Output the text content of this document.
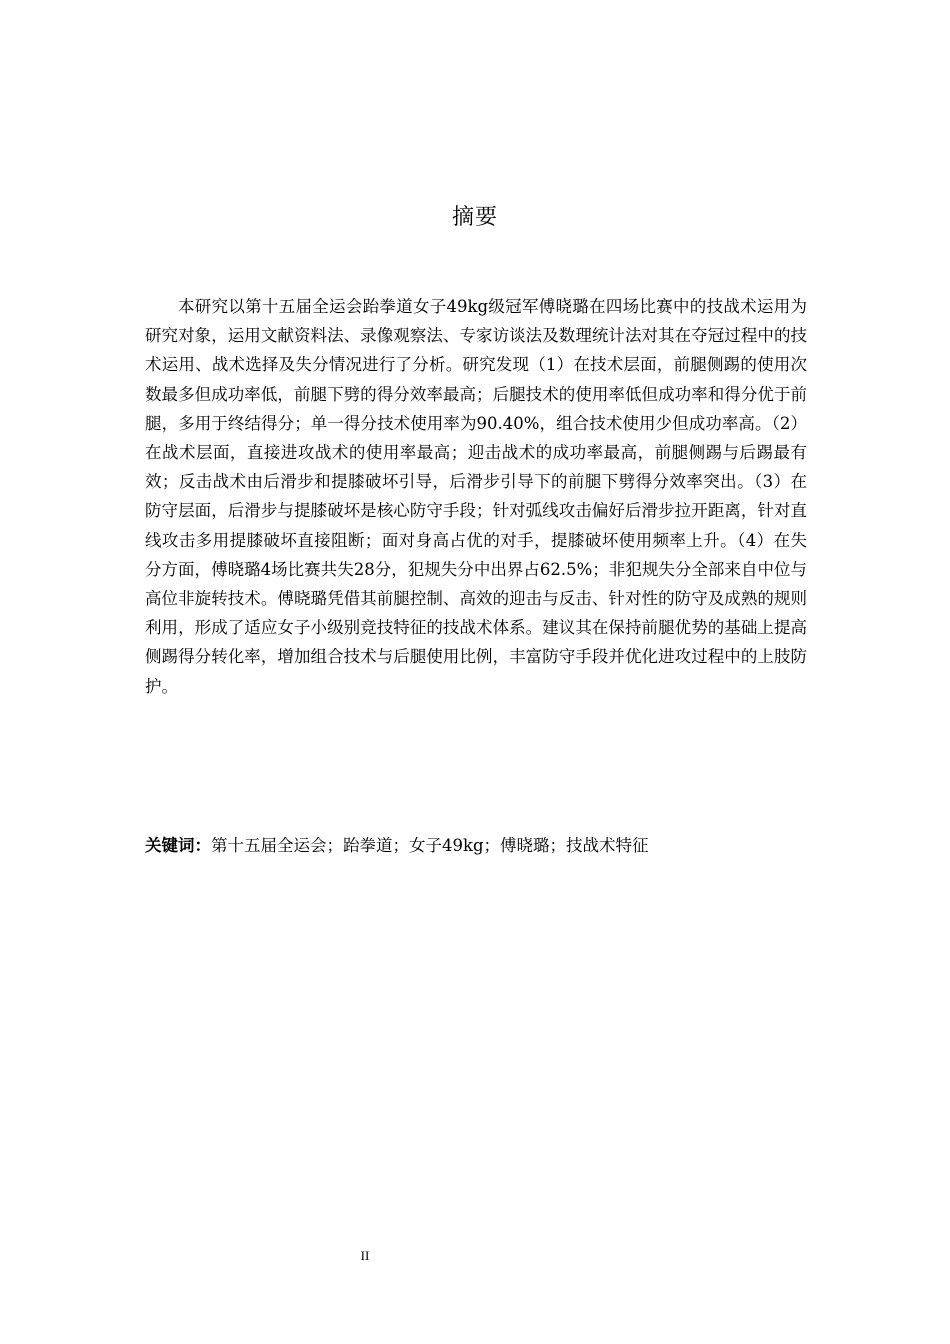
摘要

本研究以第十五届全运会跆拳道女子49kg级冠军傅晓璐在四场比赛中的技战术运用为研究对象，运用文献资料法、录像观察法、专家访谈法及数理统计法对其在夺冠过程中的技术运用、战术选择及失分情况进行了分析。研究发现（1）在技术层面，前腿侧踢的使用次数最多但成功率低，前腿下劈的得分效率最高；后腿技术的使用率低但成功率和得分优于前腿，多用于终结得分；单一得分技术使用率为90.40%，组合技术使用少但成功率高。（2）在战术层面，直接进攻战术的使用率最高；迎击战术的成功率最高，前腿侧踢与后踢最有效；反击战术由后滑步和提膝破坏引导，后滑步引导下的前腿下劈得分效率突出。（3）在防守层面，后滑步与提膝破坏是核心防守手段；针对弧线攻击偏好后滑步拉开距离，针对直线攻击多用提膝破坏直接阻断；面对身高占优的对手，提膝破坏使用频率上升。（4）在失分方面，傅晓璐4场比赛共失28分，犯规失分中出界占62.5%；非犯规失分全部来自中位与高位非旋转技术。傅晓璐凭借其前腿控制、高效的迎击与反击、针对性的防守及成熟的规则利用，形成了适应女子小级别竞技特征的技战术体系。建议其在保持前腿优势的基础上提高侧踢得分转化率，增加组合技术与后腿使用比例，丰富防守手段并优化进攻过程中的上肢防护。

关键词：第十五届全运会；跆拳道；女子49kg；傅晓璐；技战术特征

II
